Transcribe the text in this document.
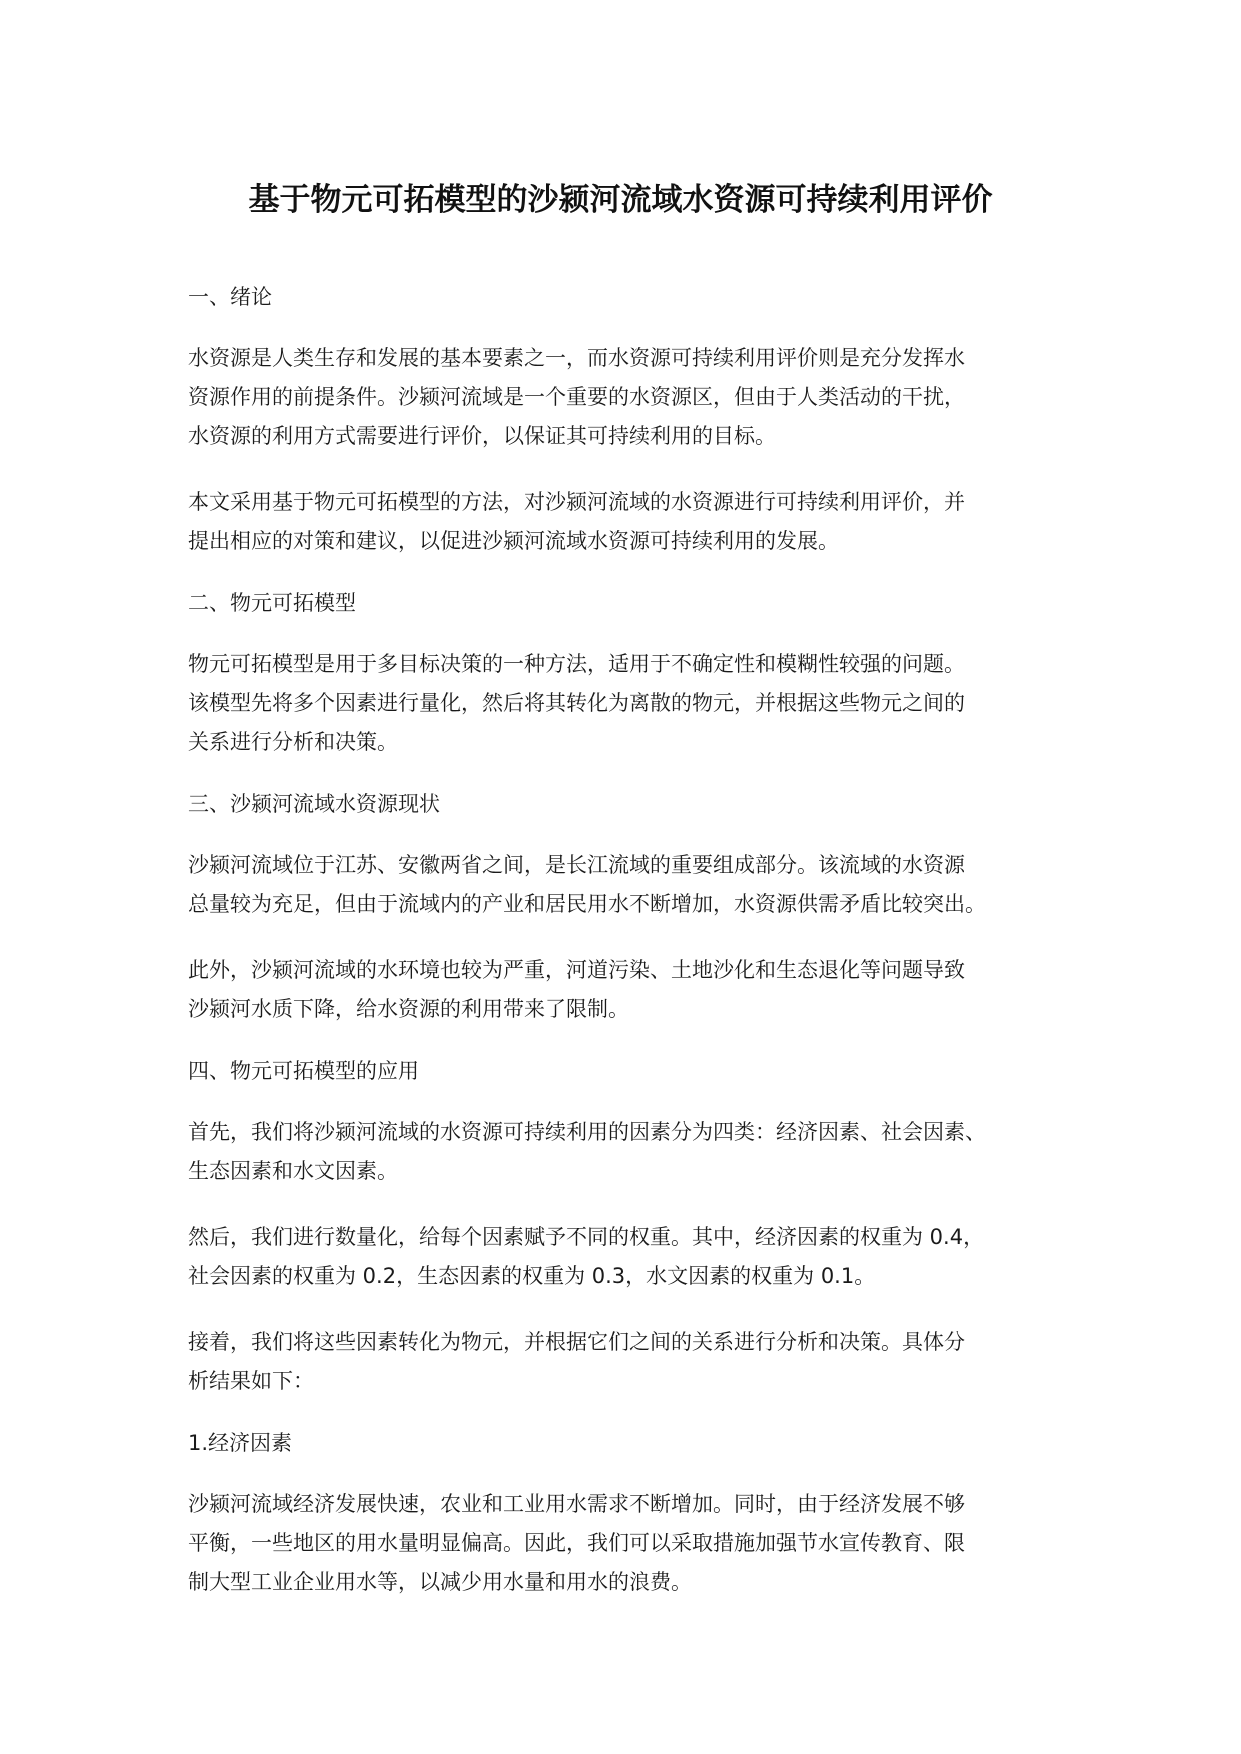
基于物元可拓模型的沙颍河流域水资源可持续利用评价
一、绪论
水资源是人类生存和发展的基本要素之一，而水资源可持续利用评价则是充分发挥水
资源作用的前提条件。沙颍河流域是一个重要的水资源区，但由于人类活动的干扰，
水资源的利用方式需要进行评价，以保证其可持续利用的目标。
本文采用基于物元可拓模型的方法，对沙颍河流域的水资源进行可持续利用评价，并
提出相应的对策和建议，以促进沙颍河流域水资源可持续利用的发展。
二、物元可拓模型
物元可拓模型是用于多目标决策的一种方法，适用于不确定性和模糊性较强的问题。
该模型先将多个因素进行量化，然后将其转化为离散的物元，并根据这些物元之间的
关系进行分析和决策。
三、沙颍河流域水资源现状
沙颍河流域位于江苏、安徽两省之间，是长江流域的重要组成部分。该流域的水资源
总量较为充足，但由于流域内的产业和居民用水不断增加，水资源供需矛盾比较突出。
此外，沙颍河流域的水环境也较为严重，河道污染、土地沙化和生态退化等问题导致
沙颍河水质下降，给水资源的利用带来了限制。
四、物元可拓模型的应用
首先，我们将沙颍河流域的水资源可持续利用的因素分为四类：经济因素、社会因素、
生态因素和水文因素。
然后，我们进行数量化，给每个因素赋予不同的权重。其中，经济因素的权重为 0.4，
社会因素的权重为 0.2，生态因素的权重为 0.3，水文因素的权重为 0.1。
接着，我们将这些因素转化为物元，并根据它们之间的关系进行分析和决策。具体分
析结果如下：
1.经济因素
沙颍河流域经济发展快速，农业和工业用水需求不断增加。同时，由于经济发展不够
平衡，一些地区的用水量明显偏高。因此，我们可以采取措施加强节水宣传教育、限
制大型工业企业用水等，以减少用水量和用水的浪费。
